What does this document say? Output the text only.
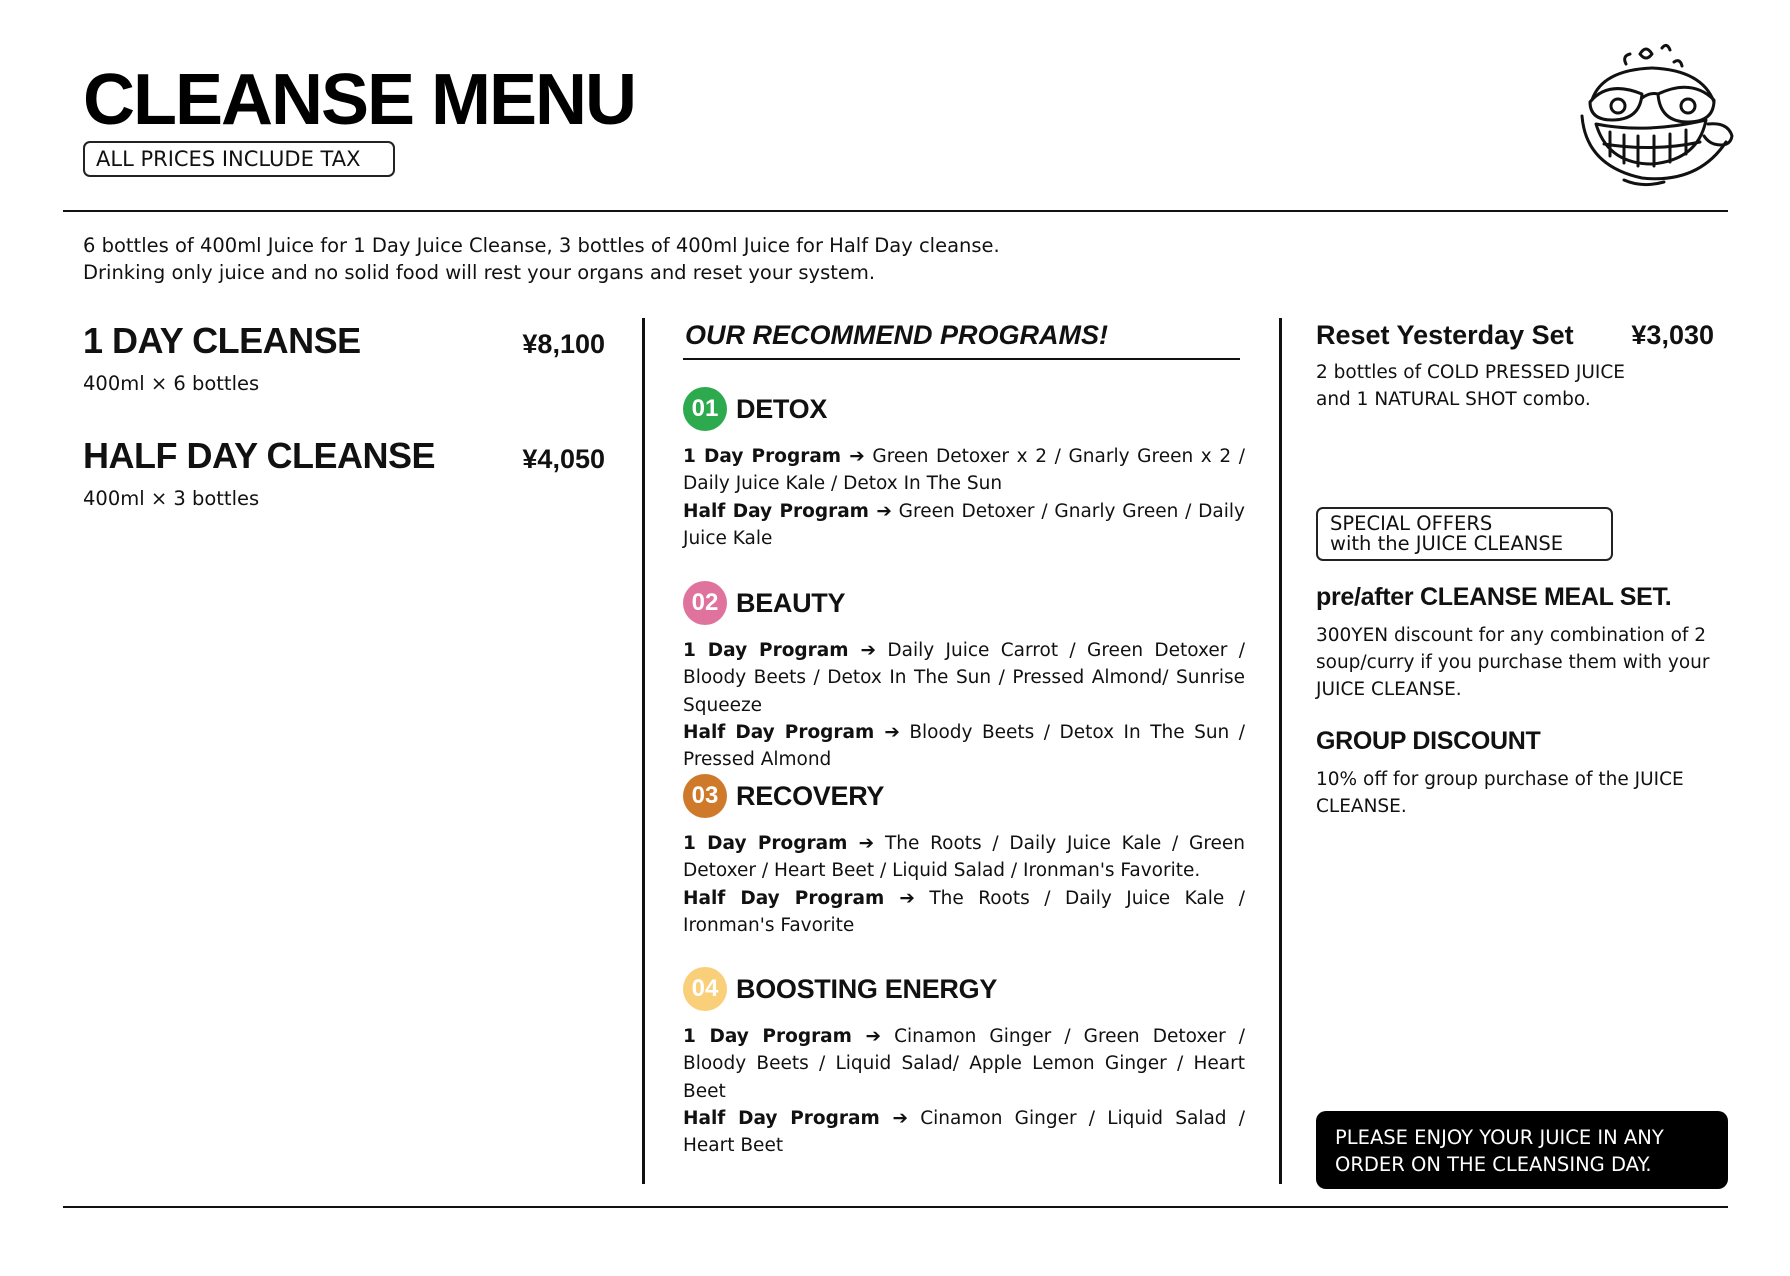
CLEANSE MENU
ALL PRICES INCLUDE TAX

6 bottles of 400ml Juice for 1 Day Juice Cleanse, 3 bottles of 400ml Juice for Half Day cleanse.

Drinking only juice and no solid food will rest your organs and reset your system.

1 DAY CLEANSE	¥8,100
400ml × 6 bottles
HALF DAY CLEANSE	¥4,050
400ml × 3 bottles
OUR RECOMMEND PROGRAMS!
01 DETOX
1 Day Program ➔ Green Detoxer x 2 / Gnarly Green x 2 / Daily Juice Kale / Detox In The Sun
Half Day Program ➔ Green Detoxer / Gnarly Green / Daily Juice Kale
02 BEAUTY
1 Day Program ➔ Daily Juice Carrot / Green Detoxer / Bloody Beets / Detox In The Sun / Pressed Almond/ Sunrise Squeeze
Half Day Program ➔ Bloody Beets / Detox In The Sun / Pressed Almond
03 RECOVERY
1 Day Program ➔ The Roots / Daily Juice Kale / Green Detoxer / Heart Beet / Liquid Salad / Ironman's Favorite.
Half Day Program ➔ The Roots / Daily Juice Kale / Ironman's Favorite
04 BOOSTING ENERGY
1 Day Program ➔ Cinamon Ginger / Green Detoxer / Bloody Beets / Liquid Salad/ Apple Lemon Ginger / Heart Beet
Half Day Program ➔ Cinamon Ginger / Liquid Salad / Heart Beet
Reset Yesterday Set ¥3,030
2 bottles of COLD PRESSED JUICE
and 1 NATURAL SHOT combo.
SPECIAL OFFERS
with the JUICE CLEANSE
pre/after CLEANSE MEAL SET.
300YEN discount for any combination of 2 soup/curry if you purchase them with your JUICE CLEANSE.
GROUP DISCOUNT
10% off for group purchase of the JUICE CLEANSE.
PLEASE ENJOY YOUR JUICE IN ANY ORDER ON THE CLEANSING DAY.
